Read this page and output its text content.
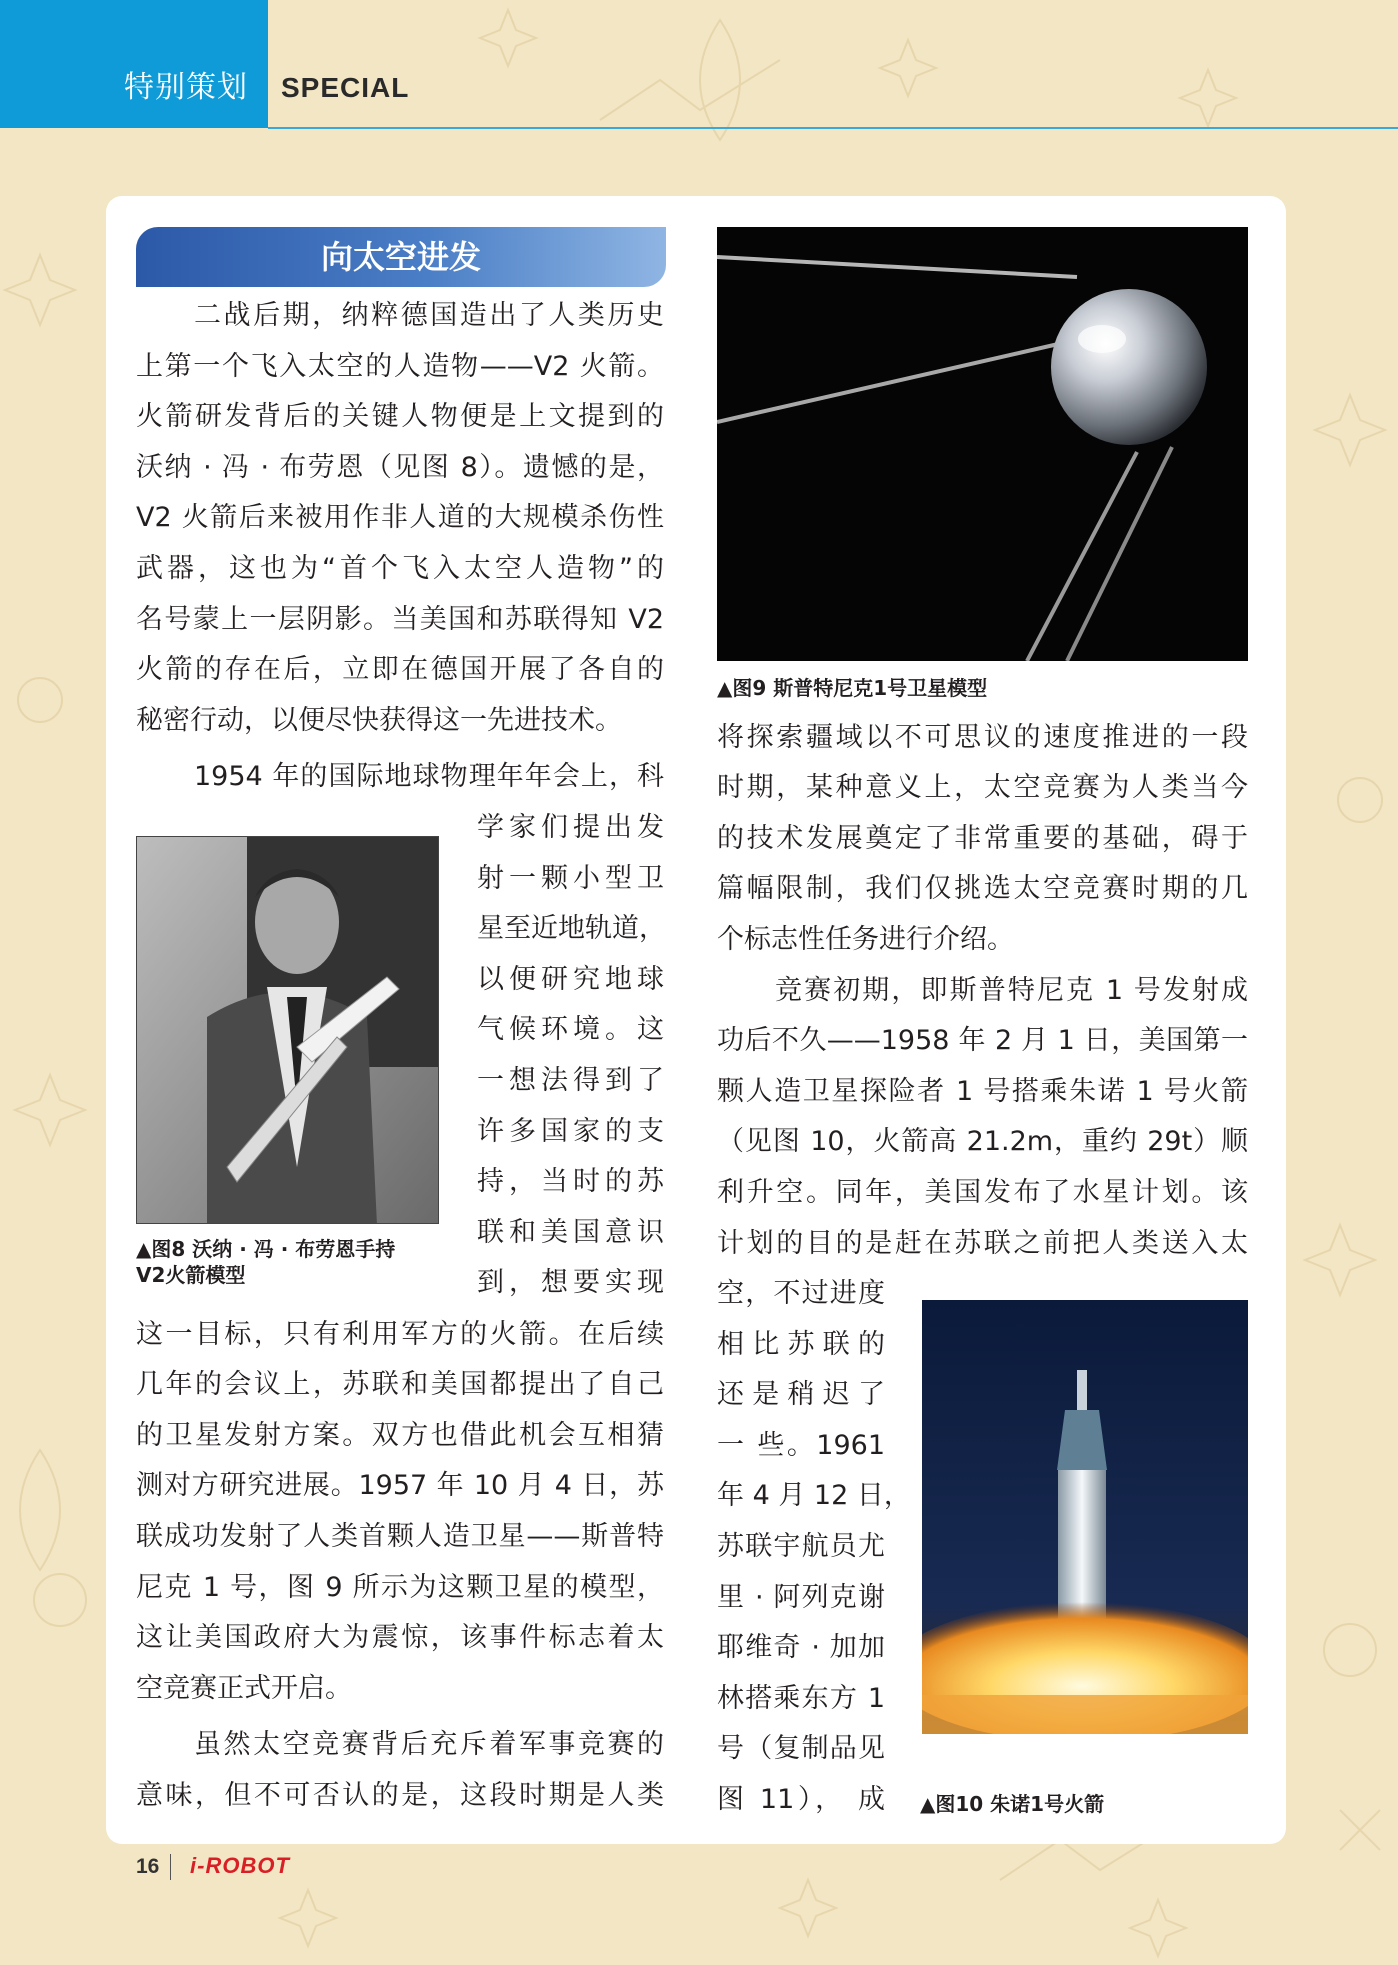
特别策划 SPECIAL
向太空进发

二战后期，纳粹德国造出了人类历史

上第一个飞入太空的人造物——V2 火箭。

火箭研发背后的关键人物便是上文提到的

沃纳 · 冯 · 布劳恩（见图 8）。遗憾的是，

V2 火箭后来被用作非人道的大规模杀伤性

武器，这也为“首个飞入太空人造物”的

名号蒙上一层阴影。当美国和苏联得知 V2

火箭的存在后，立即在德国开展了各自的

秘密行动，以便尽快获得这一先进技术。

1954 年的国际地球物理年年会上，科

学家们提出发

射一颗小型卫

星至近地轨道，

以便研究地球

气候环境。这

一想法得到了

许多国家的支

持，当时的苏

联和美国意识

到，想要实现

这一目标，只有利用军方的火箭。在后续

几年的会议上，苏联和美国都提出了自己

的卫星发射方案。双方也借此机会互相猜

测对方研究进展。1957 年 10 月 4 日，苏

联成功发射了人类首颗人造卫星——斯普特

尼克 1 号，图 9 所示为这颗卫星的模型，

这让美国政府大为震惊，该事件标志着太

空竞赛正式开启。

虽然太空竞赛背后充斥着军事竞赛的

意味，但不可否认的是，这段时期是人类

▲图8 沃纳 · 冯 · 布劳恩手持
V2火箭模型
▲图9 斯普特尼克1号卫星模型

将探索疆域以不可思议的速度推进的一段

时期，某种意义上，太空竞赛为人类当今

的技术发展奠定了非常重要的基础，碍于

篇幅限制，我们仅挑选太空竞赛时期的几

个标志性任务进行介绍。

竞赛初期，即斯普特尼克 1 号发射成

功后不久——1958 年 2 月 1 日，美国第一

颗人造卫星探险者 1 号搭乘朱诺 1 号火箭

（见图 10，火箭高 21.2m，重约 29t）顺

利升空。同年，美国发布了水星计划。该

计划的目的是赶在苏联之前把人类送入太

空，不过进度

相比苏联的

还是稍迟了

一 些。1961

年 4 月 12 日，

苏联宇航员尤

里 · 阿列克谢

耶维奇 · 加加

林搭乘东方 1

号（复制品见

图 11）， 成 ▲图10 朱诺1号火箭
16 i-ROBOT
